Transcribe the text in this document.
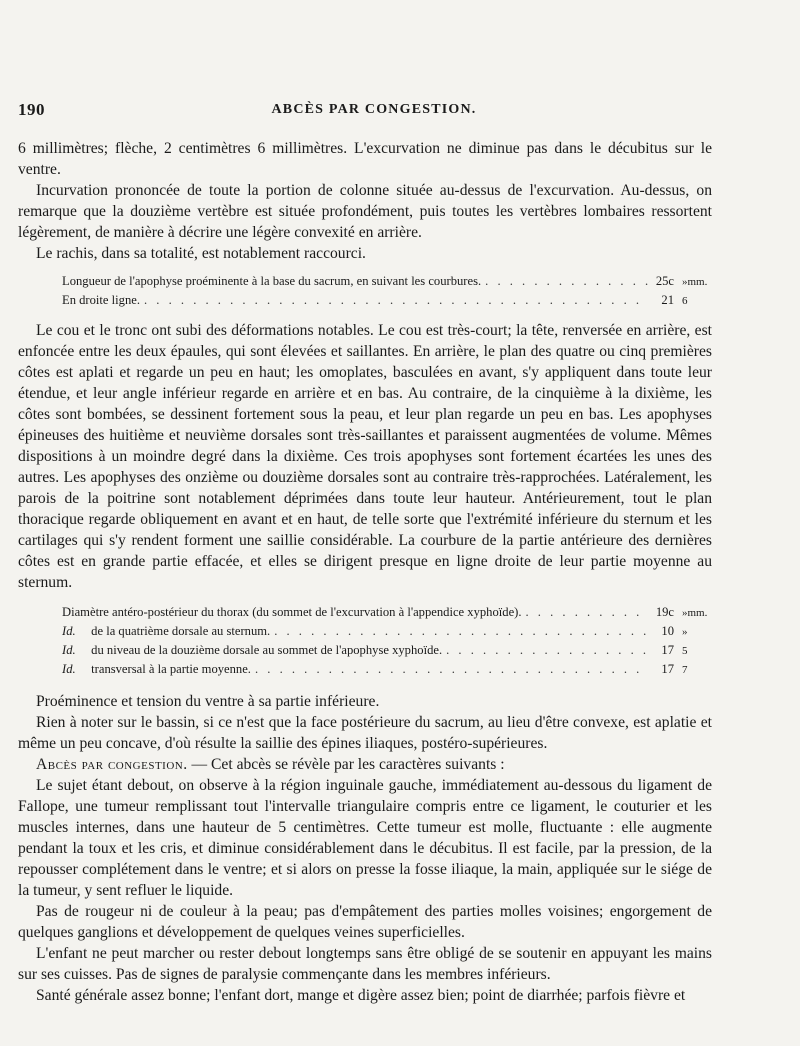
190	ABCÈS PAR CONGESTION.

6 millimètres; flèche, 2 centimètres 6 millimètres. L'excurvation ne diminue pas dans le décubitus sur le ventre.

Incurvation prononcée de toute la portion de colonne située au-dessus de l'excurvation. Au-dessus, on remarque que la douzième vertèbre est située profondément, puis toutes les vertèbres lombaires ressortent légèrement, de manière à décrire une légère convexité en arrière.

Le rachis, dans sa totalité, est notablement raccourci.

Longueur de l'apophyse proéminente à la base du sacrum, en suivant les courbures. . . .	25c »mm.
En droite ligne. . . .	21 6

Le cou et le tronc ont subi des déformations notables. Le cou est très-court; la tête, renversée en arrière, est enfoncée entre les deux épaules, qui sont élevées et saillantes. En arrière, le plan des quatre ou cinq premières côtes est aplati et regarde un peu en haut; les omoplates, basculées en avant, s'y appliquent dans toute leur étendue, et leur angle inférieur regarde en arrière et en bas. Au contraire, de la cinquième à la dixième, les côtes sont bombées, se dessinent fortement sous la peau, et leur plan regarde un peu en bas. Les apophyses épineuses des huitième et neuvième dorsales sont très-saillantes et paraissent augmentées de volume. Mêmes dispositions à un moindre degré dans la dixième. Ces trois apophyses sont fortement écartées les unes des autres. Les apophyses des onzième ou douzième dorsales sont au contraire très-rapprochées. Latéralement, les parois de la poitrine sont notablement déprimées dans toute leur hauteur. Antérieurement, tout le plan thoracique regarde obliquement en avant et en haut, de telle sorte que l'extrémité inférieure du sternum et les cartilages qui s'y rendent forment une saillie considérable. La courbure de la partie antérieure des dernières côtes est en grande partie effacée, et elles se dirigent presque en ligne droite de leur partie moyenne au sternum.

Diamètre antéro-postérieur du thorax (du sommet de l'excurvation à l'appendice xyphoïde). . . .	19c »mm.
Id. de la quatrième dorsale au sternum. . . .	10 »
Id. du niveau de la douzième dorsale au sommet de l'apophyse xyphoïde. . . .	17 5
Id. transversal à la partie moyenne. . . .	17 7

Proéminence et tension du ventre à sa partie inférieure.

Rien à noter sur le bassin, si ce n'est que la face postérieure du sacrum, au lieu d'être convexe, est aplatie et même un peu concave, d'où résulte la saillie des épines iliaques, postéro-supérieures.

Abcès par congestion. — Cet abcès se révèle par les caractères suivants :

Le sujet étant debout, on observe à la région inguinale gauche, immédiatement au-dessous du ligament de Fallope, une tumeur remplissant tout l'intervalle triangulaire compris entre ce ligament, le couturier et les muscles internes, dans une hauteur de 5 centimètres. Cette tumeur est molle, fluctuante : elle augmente pendant la toux et les cris, et diminue considérablement dans le décubitus. Il est facile, par la pression, de la repousser complétement dans le ventre; et si alors on presse la fosse iliaque, la main, appliquée sur le siége de la tumeur, y sent refluer le liquide.

Pas de rougeur ni de couleur à la peau; pas d'empâtement des parties molles voisines; engorgement de quelques ganglions et développement de quelques veines superficielles.

L'enfant ne peut marcher ou rester debout longtemps sans être obligé de se soutenir en appuyant les mains sur ses cuisses. Pas de signes de paralysie commençante dans les membres inférieurs.

Santé générale assez bonne; l'enfant dort, mange et digère assez bien; point de diarrhée; parfois fièvre et
